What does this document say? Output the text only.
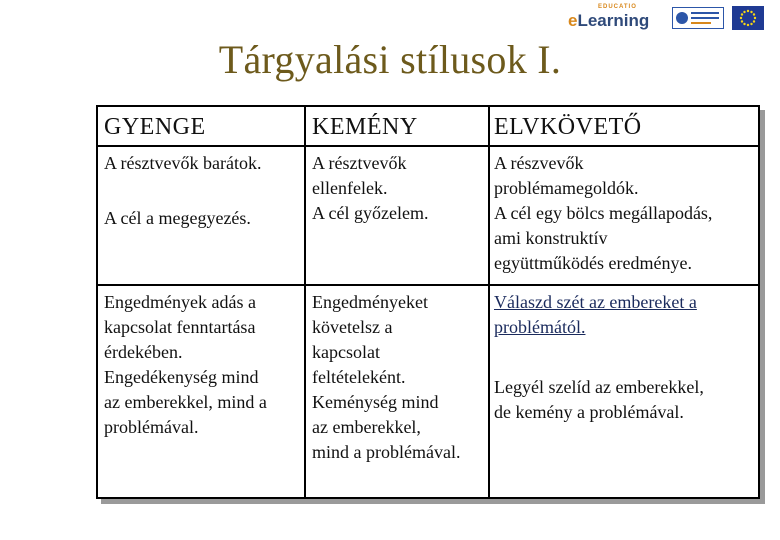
EDUCATIO
eLearning
Tárgyalási stílusok I.
GYENGE	KEMÉNY	ELVKÖVETŐ
A résztvevők barátok.
A cél a megegyezés.
A résztvevők
ellenfelek.
A cél győzelem.
A részvevők
problémamegoldók.
A cél egy bölcs megállapodás,
ami konstruktív
együttműködés eredménye.
Engedmények adás a
kapcsolat fenntartása
érdekében.
Engedékenység mind
az emberekkel, mind a
problémával.
Engedményeket
követelsz a
kapcsolat
feltételeként.
Keménység mind
az emberekkel,
mind a problémával.
Válaszd szét az embereket a
problémától.
Legyél szelíd az emberekkel,
de kemény a problémával.
